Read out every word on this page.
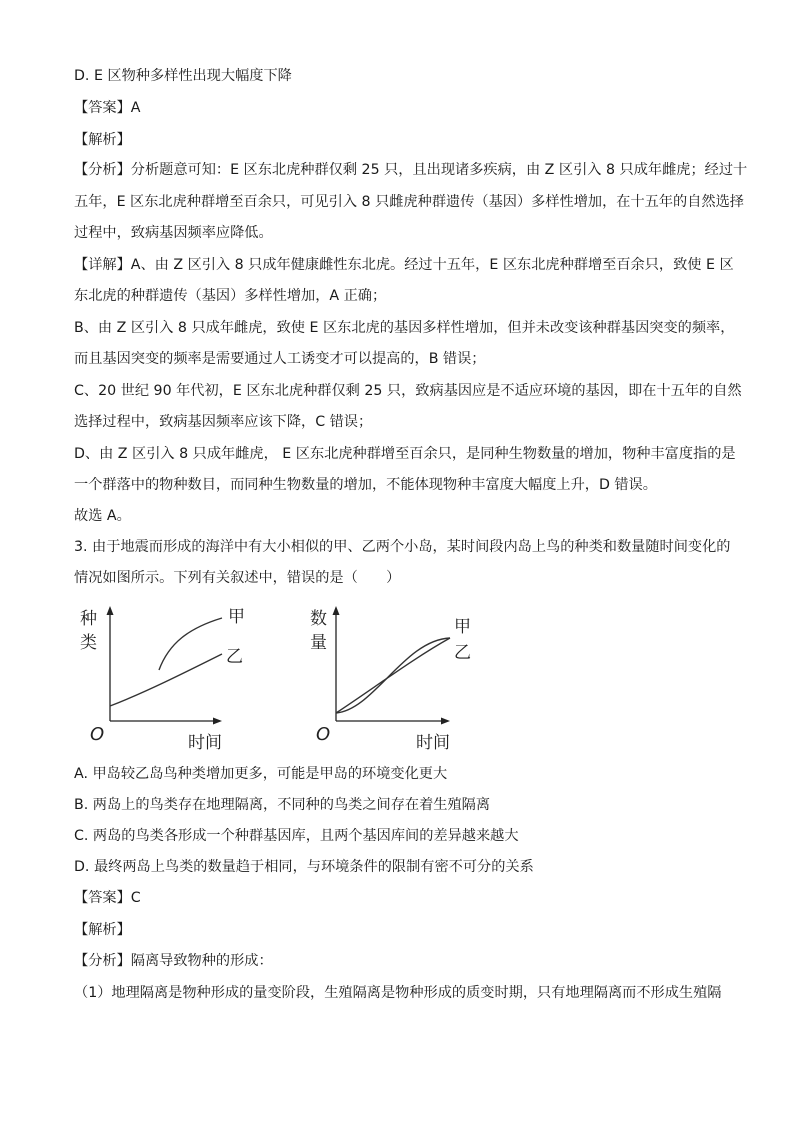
D. E 区物种多样性出现大幅度下降
【答案】A
【解析】
【分析】分析题意可知：E 区东北虎种群仅剩 25 只，且出现诸多疾病，由 Z 区引入 8 只成年雌虎；经过十
五年，E 区东北虎种群增至百余只，可见引入 8 只雌虎种群遗传（基因）多样性增加，在十五年的自然选择
过程中，致病基因频率应降低。
【详解】A、由 Z 区引入 8 只成年健康雌性东北虎。经过十五年，E 区东北虎种群增至百余只，致使 E 区
东北虎的种群遗传（基因）多样性增加，A 正确；
B、由 Z 区引入 8 只成年雌虎，致使 E 区东北虎的基因多样性增加，但并未改变该种群基因突变的频率，
而且基因突变的频率是需要通过人工诱变才可以提高的，B 错误；
C、20 世纪 90 年代初，E 区东北虎种群仅剩 25 只，致病基因应是不适应环境的基因，即在十五年的自然
选择过程中，致病基因频率应该下降，C 错误；
D、由 Z 区引入 8 只成年雌虎， E 区东北虎种群增至百余只，是同种生物数量的增加，物种丰富度指的是
一个群落中的物种数目，而同种生物数量的增加，不能体现物种丰富度大幅度上升，D 错误。
故选 A。
3. 由于地震而形成的海洋中有大小相似的甲、乙两个小岛，某时间段内岛上鸟的种类和数量随时间变化的
情况如图所示。下列有关叙述中，错误的是（　　）
种
类
O	时间
甲
乙
数
量
O	时间
甲
乙
A. 甲岛较乙岛鸟种类增加更多，可能是甲岛的环境变化更大
B. 两岛上的鸟类存在地理隔离，不同种的鸟类之间存在着生殖隔离
C. 两岛的鸟类各形成一个种群基因库，且两个基因库间的差异越来越大
D. 最终两岛上鸟类的数量趋于相同，与环境条件的限制有密不可分的关系
【答案】C
【解析】
【分析】隔离导致物种的形成：
（1）地理隔离是物种形成的量变阶段，生殖隔离是物种形成的质变时期，只有地理隔离而不形成生殖隔
